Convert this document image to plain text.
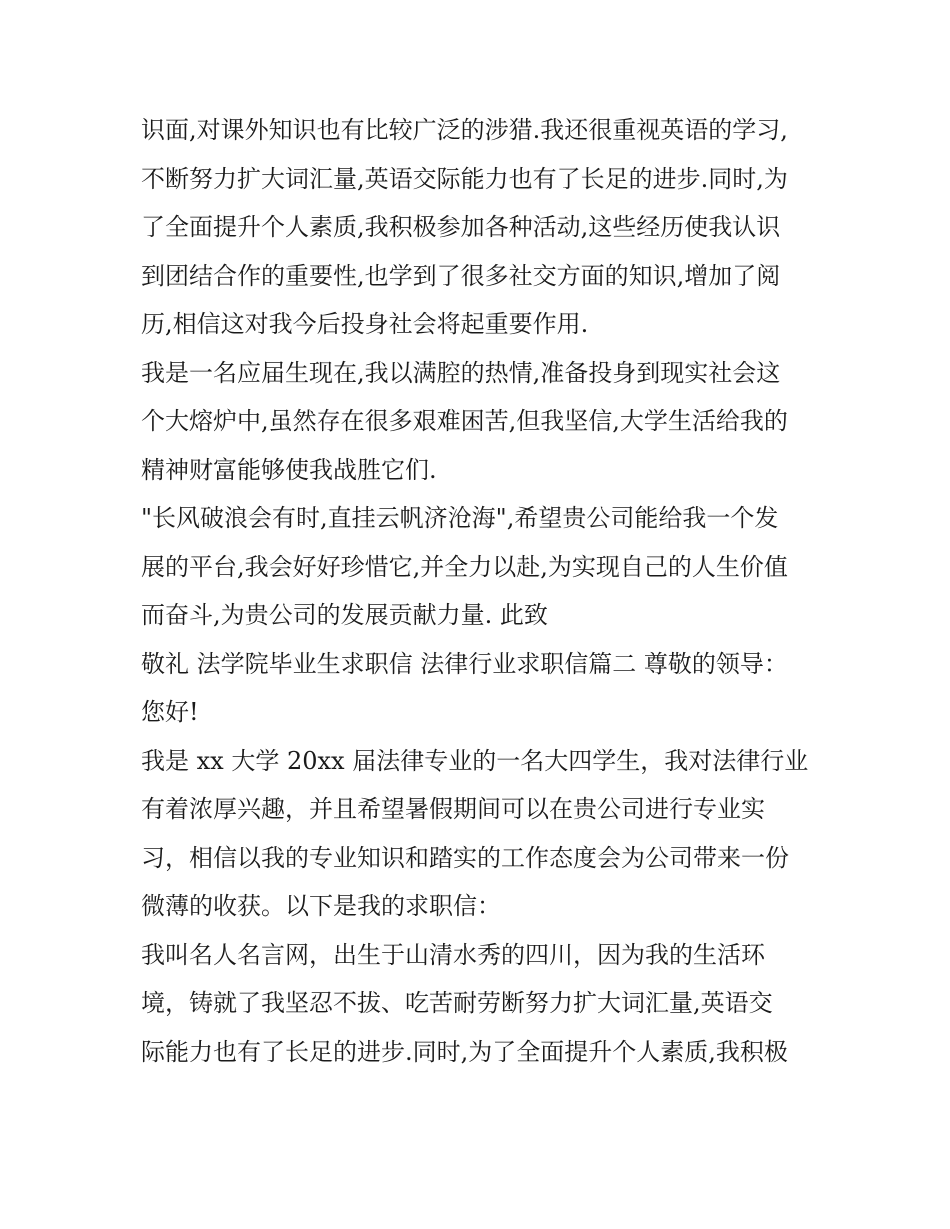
识面,对课外知识也有比较广泛的涉猎.我还很重视英语的学习,
不断努力扩大词汇量,英语交际能力也有了长足的进步.同时,为
了全面提升个人素质,我积极参加各种活动,这些经历使我认识
到团结合作的重要性,也学到了很多社交方面的知识,增加了阅
历,相信这对我今后投身社会将起重要作用.
我是一名应届生现在,我以满腔的热情,准备投身到现实社会这
个大熔炉中,虽然存在很多艰难困苦,但我坚信,大学生活给我的
精神财富能够使我战胜它们.
"长风破浪会有时,直挂云帆济沧海",希望贵公司能给我一个发
展的平台,我会好好珍惜它,并全力以赴,为实现自己的人生价值
而奋斗,为贵公司的发展贡献力量. 此致
敬礼 法学院毕业生求职信 法律行业求职信篇二 尊敬的领导：
您好!
我是 xx 大学 20xx 届法律专业的一名大四学生，我对法律行业
有着浓厚兴趣，并且希望暑假期间可以在贵公司进行专业实
习，相信以我的专业知识和踏实的工作态度会为公司带来一份
微薄的收获。以下是我的求职信：
我叫名人名言网，出生于山清水秀的四川，因为我的生活环
境，铸就了我坚忍不拔、吃苦耐劳断努力扩大词汇量,英语交
际能力也有了长足的进步.同时,为了全面提升个人素质,我积极
